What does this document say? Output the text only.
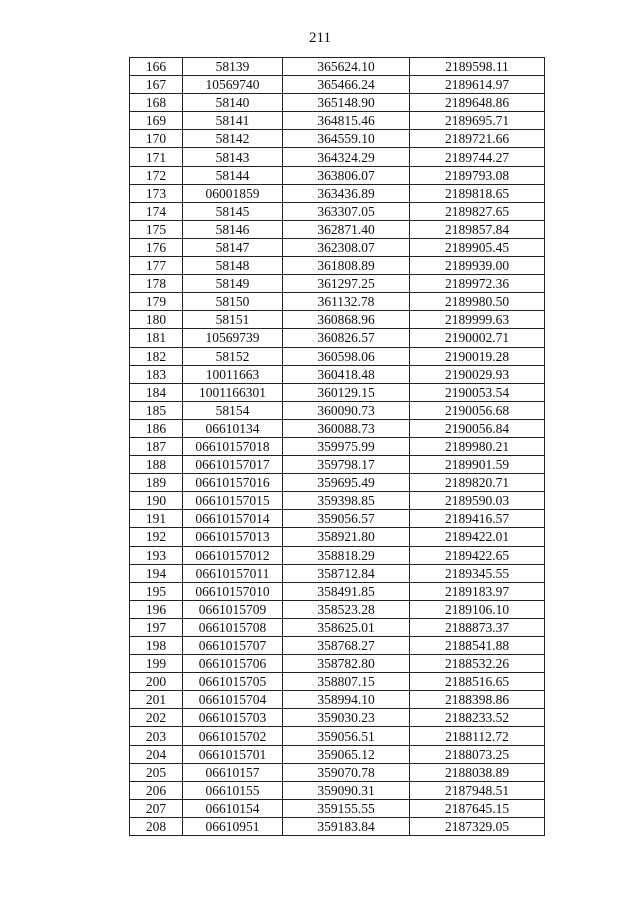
211
166	58139	365624.10	2189598.11
167	10569740	365466.24	2189614.97
168	58140	365148.90	2189648.86
169	58141	364815.46	2189695.71
170	58142	364559.10	2189721.66
171	58143	364324.29	2189744.27
172	58144	363806.07	2189793.08
173	06001859	363436.89	2189818.65
174	58145	363307.05	2189827.65
175	58146	362871.40	2189857.84
176	58147	362308.07	2189905.45
177	58148	361808.89	2189939.00
178	58149	361297.25	2189972.36
179	58150	361132.78	2189980.50
180	58151	360868.96	2189999.63
181	10569739	360826.57	2190002.71
182	58152	360598.06	2190019.28
183	10011663	360418.48	2190029.93
184	1001166301	360129.15	2190053.54
185	58154	360090.73	2190056.68
186	06610134	360088.73	2190056.84
187	06610157018	359975.99	2189980.21
188	06610157017	359798.17	2189901.59
189	06610157016	359695.49	2189820.71
190	06610157015	359398.85	2189590.03
191	06610157014	359056.57	2189416.57
192	06610157013	358921.80	2189422.01
193	06610157012	358818.29	2189422.65
194	06610157011	358712.84	2189345.55
195	06610157010	358491.85	2189183.97
196	0661015709	358523.28	2189106.10
197	0661015708	358625.01	2188873.37
198	0661015707	358768.27	2188541.88
199	0661015706	358782.80	2188532.26
200	0661015705	358807.15	2188516.65
201	0661015704	358994.10	2188398.86
202	0661015703	359030.23	2188233.52
203	0661015702	359056.51	2188112.72
204	0661015701	359065.12	2188073.25
205	06610157	359070.78	2188038.89
206	06610155	359090.31	2187948.51
207	06610154	359155.55	2187645.15
208	06610951	359183.84	2187329.05
